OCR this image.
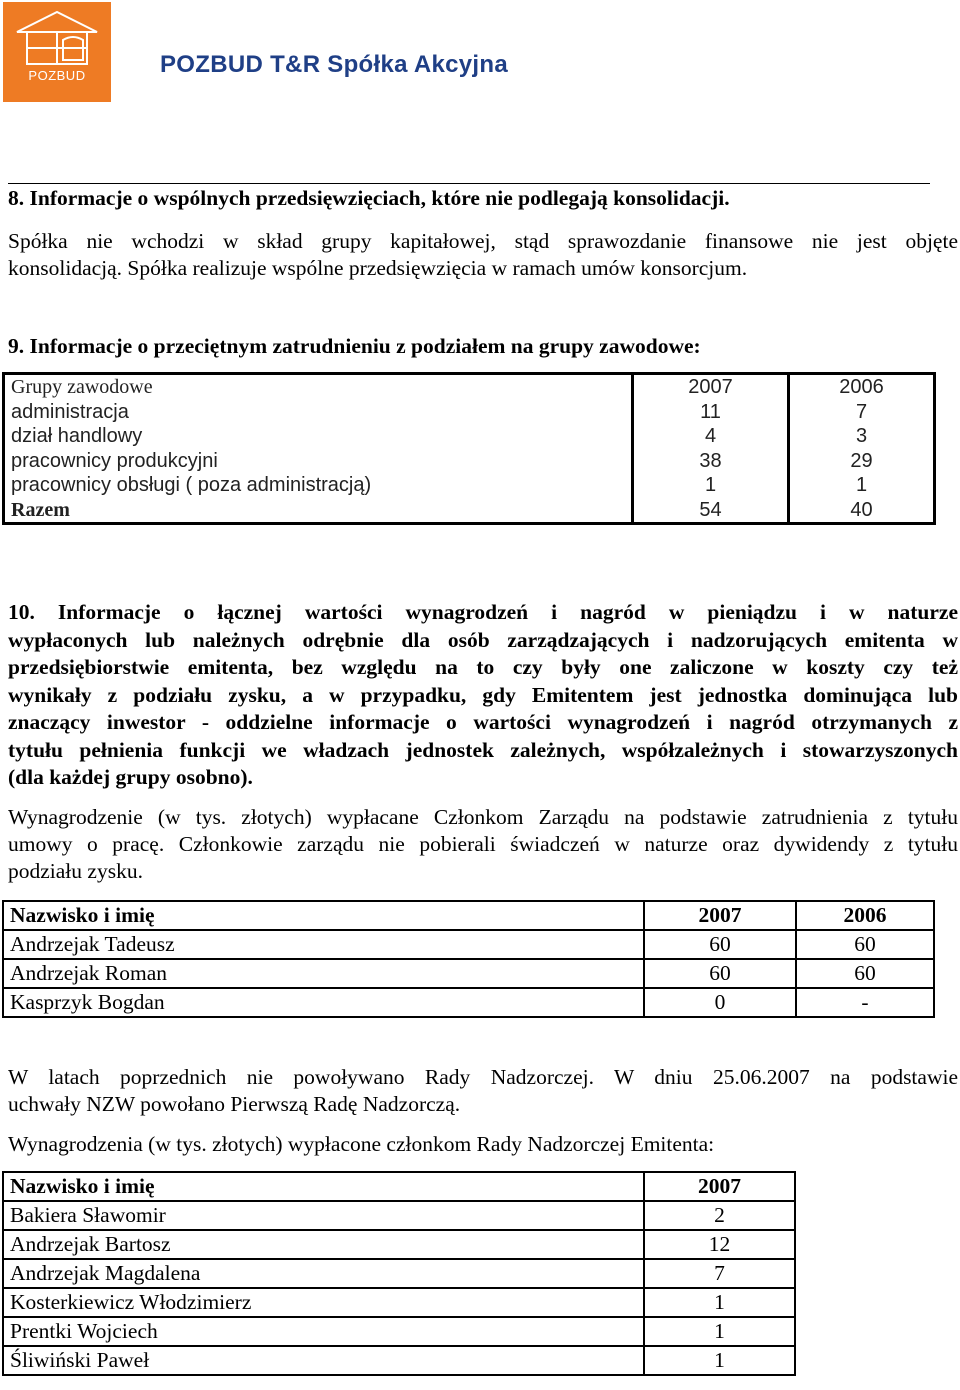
POZBUD	POZBUD T&R Spółka Akcyjna
8. Informacje o wspólnych przedsięwzięciach, które nie podlegają konsolidacji.
Spółka nie wchodzi w skład grupy kapitałowej, stąd sprawozdanie finansowe nie jest objęte
konsolidacją. Spółka realizuje wspólne przedsięwzięcia w ramach umów konsorcjum.
9. Informacje o przeciętnym zatrudnieniu z podziałem na grupy zawodowe:
Grupy zawodowe	2007	2006
administracja	11	7
dział handlowy	4	3
pracownicy produkcyjni	38	29
pracownicy obsługi ( poza administracją)	1	1
Razem	54	40
10. Informacje o łącznej wartości wynagrodzeń i nagród w pieniądzu i w naturze
wypłaconych lub należnych odrębnie dla osób zarządzających i nadzorujących emitenta w
przedsiębiorstwie emitenta, bez względu na to czy były one zaliczone w koszty czy też
wynikały z podziału zysku, a w przypadku, gdy Emitentem jest jednostka dominująca lub
znaczący inwestor - oddzielne informacje o wartości wynagrodzeń i nagród otrzymanych z
tytułu pełnienia funkcji we władzach jednostek zależnych, współzależnych i stowarzyszonych
(dla każdej grupy osobno).
Wynagrodzenie (w tys. złotych) wypłacane Członkom Zarządu na podstawie zatrudnienia z tytułu
umowy o pracę. Członkowie zarządu nie pobierali świadczeń w naturze oraz dywidendy z tytułu
podziału zysku.
Nazwisko i imię	2007	2006
Andrzejak Tadeusz	60	60
Andrzejak Roman	60	60
Kasprzyk Bogdan	0	-
W latach poprzednich nie powoływano Rady Nadzorczej. W dniu 25.06.2007 na podstawie
uchwały NZW powołano Pierwszą Radę Nadzorczą.
Wynagrodzenia (w tys. złotych) wypłacone członkom Rady Nadzorczej Emitenta:
Nazwisko i imię	2007
Bakiera Sławomir	2
Andrzejak Bartosz	12
Andrzejak Magdalena	7
Kosterkiewicz Włodzimierz	1
Prentki Wojciech	1
Śliwiński Paweł	1
